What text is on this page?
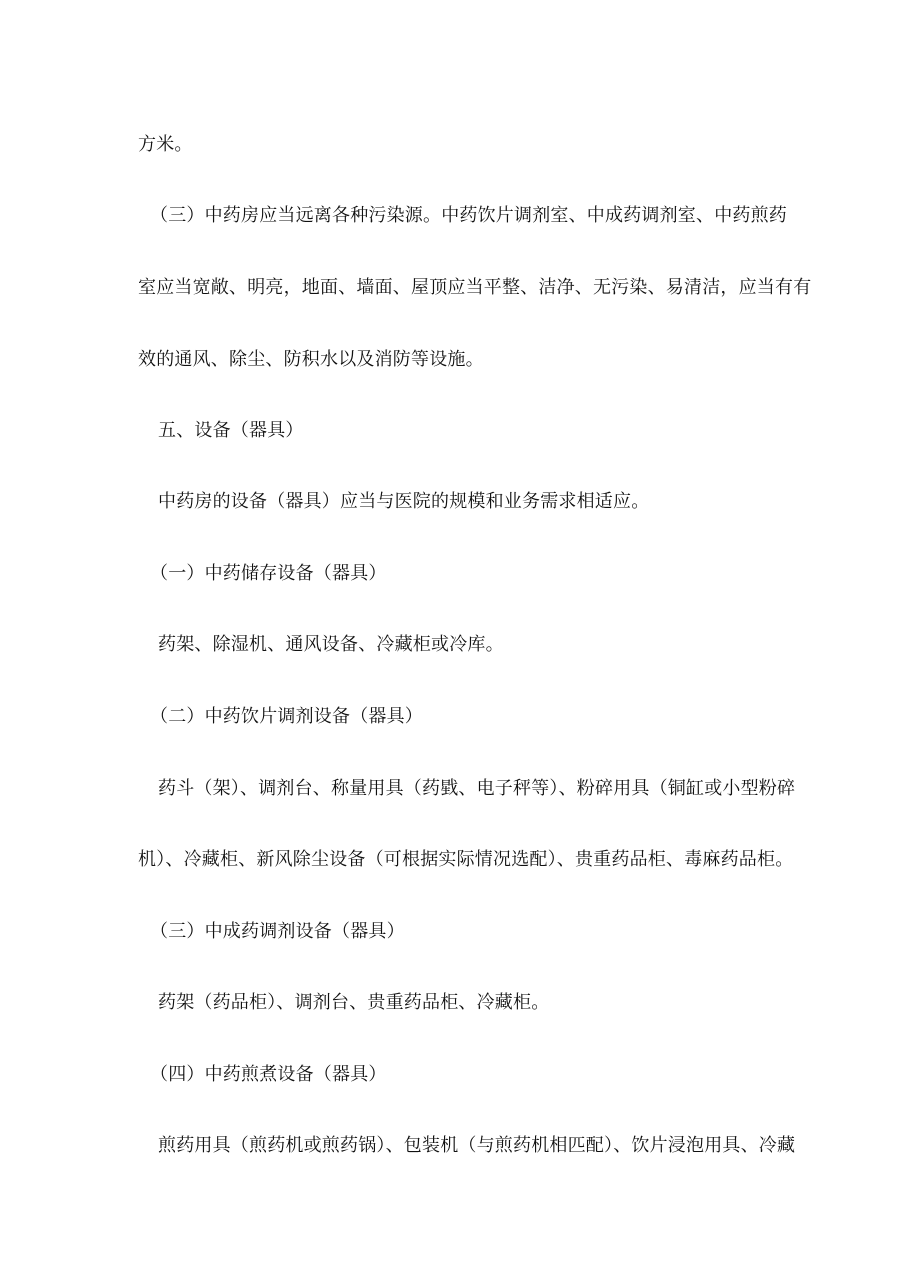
方米。
（三）中药房应当远离各种污染源。中药饮片调剂室、中成药调剂室、中药煎药
室应当宽敞、明亮，地面、墙面、屋顶应当平整、洁净、无污染、易清洁，应当有有
效的通风、除尘、防积水以及消防等设施。
五、设备（器具）
中药房的设备（器具）应当与医院的规模和业务需求相适应。
（一）中药储存设备（器具）
药架、除湿机、通风设备、冷藏柜或冷库。
（二）中药饮片调剂设备（器具）
药斗（架）、调剂台、称量用具（药戥、电子秤等）、粉碎用具（铜缸或小型粉碎
机）、冷藏柜、新风除尘设备（可根据实际情况选配）、贵重药品柜、毒麻药品柜。
（三）中成药调剂设备（器具）
药架（药品柜）、调剂台、贵重药品柜、冷藏柜。
（四）中药煎煮设备（器具）
煎药用具（煎药机或煎药锅）、包装机（与煎药机相匹配）、饮片浸泡用具、冷藏
